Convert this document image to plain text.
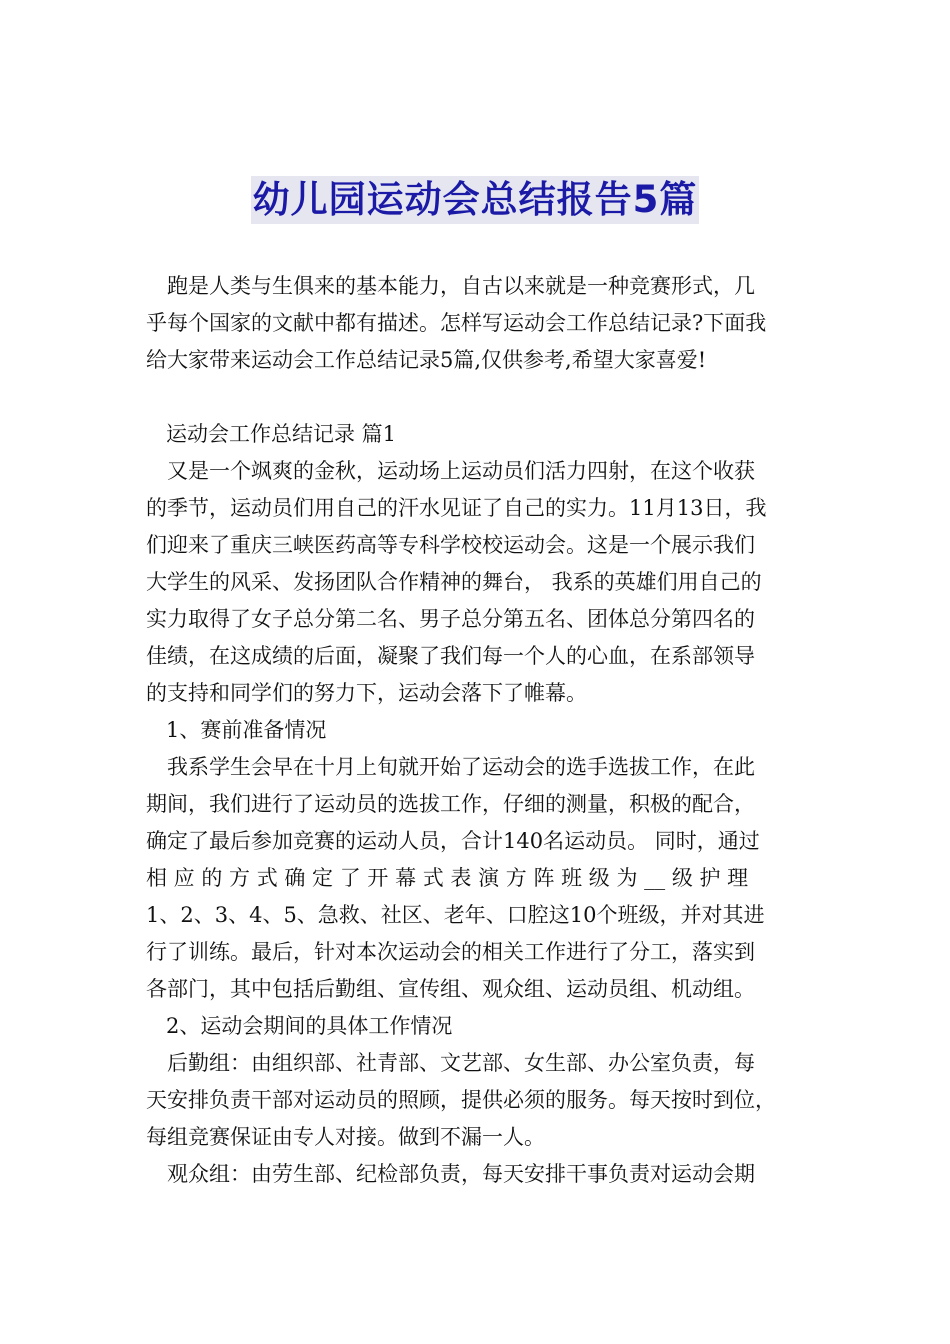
幼儿园运动会总结报告5篇

跑是人类与生俱来的基本能力，自古以来就是一种竞赛形式，几
乎每个国家的文献中都有描述。怎样写运动会工作总结记录?下面我
给大家带来运动会工作总结记录5篇,仅供参考,希望大家喜爱!

运动会工作总结记录 篇1

又是一个飒爽的金秋，运动场上运动员们活力四射，在这个收获
的季节，运动员们用自己的汗水见证了自己的实力。11月13日，我
们迎来了重庆三峡医药高等专科学校校运动会。这是一个展示我们
大学生的风采、发扬团队合作精神的舞台， 我系的英雄们用自己的
实力取得了女子总分第二名、男子总分第五名、团体总分第四名的
佳绩，在这成绩的后面，凝聚了我们每一个人的心血，在系部领导
的支持和同学们的努力下，运动会落下了帷幕。

1、赛前准备情况

我系学生会早在十月上旬就开始了运动会的选手选拔工作，在此
期间，我们进行了运动员的选拔工作，仔细的测量，积极的配合，
确定了最后参加竞赛的运动人员，合计140名运动员。 同时，通过
相 应 的 方 式 确 定 了 开 幕 式 表 演 方 阵 班 级 为 __ 级 护 理
1、2、3、4、5、急救、社区、老年、口腔这10个班级，并对其进
行了训练。最后，针对本次运动会的相关工作进行了分工，落实到
各部门，其中包括后勤组、宣传组、观众组、运动员组、机动组。

2、运动会期间的具体工作情况

后勤组：由组织部、社青部、文艺部、女生部、办公室负责，每
天安排负责干部对运动员的照顾，提供必须的服务。每天按时到位，
每组竞赛保证由专人对接。做到不漏一人。

观众组：由劳生部、纪检部负责，每天安排干事负责对运动会期
